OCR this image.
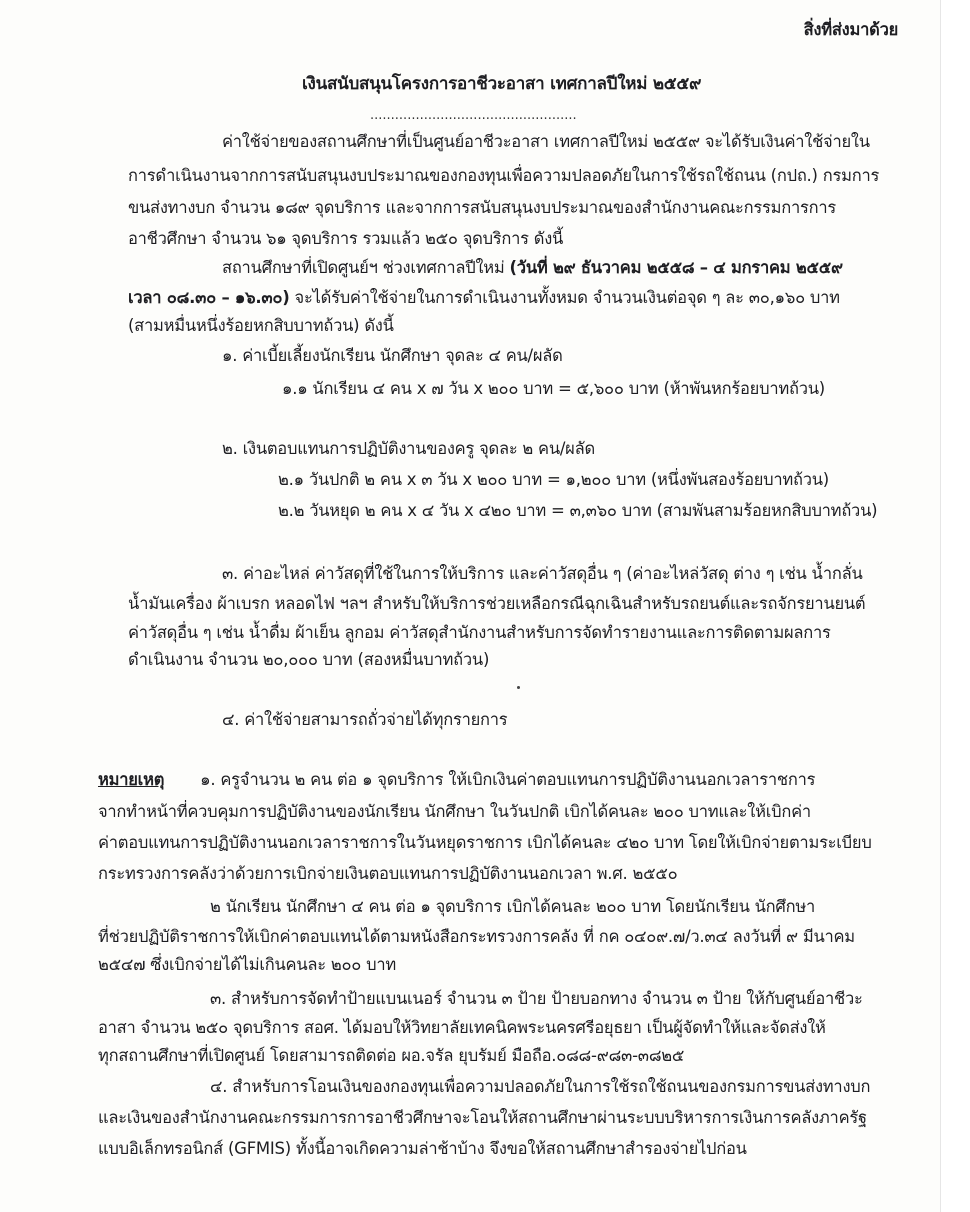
สิ่งที่ส่งมาด้วย

เงินสนับสนุนโครงการอาชีวะอาสา เทศกาลปีใหม่ ๒๕๕๙

..................................................

ค่าใช้จ่ายของสถานศึกษาที่เป็นศูนย์อาชีวะอาสา เทศกาลปีใหม่ ๒๕๕๙ จะได้รับเงินค่าใช้จ่ายใน

การดำเนินงานจากการสนับสนุนงบประมาณของกองทุนเพื่อความปลอดภัยในการใช้รถใช้ถนน (กปถ.) กรมการ

ขนส่งทางบก จำนวน ๑๘๙ จุดบริการ และจากการสนับสนุนงบประมาณของสำนักงานคณะกรรมการการ

อาชีวศึกษา จำนวน ๖๑ จุดบริการ รวมแล้ว ๒๕๐ จุดบริการ ดังนี้

สถานศึกษาที่เปิดศูนย์ฯ ช่วงเทศกาลปีใหม่ (วันที่ ๒๙ ธันวาคม ๒๕๕๘ – ๔ มกราคม ๒๕๕๙

เวลา ๐๘.๓๐ – ๑๖.๓๐) จะได้รับค่าใช้จ่ายในการดำเนินงานทั้งหมด จำนวนเงินต่อจุด ๆ ละ ๓๐,๑๖๐ บาท

(สามหมื่นหนึ่งร้อยหกสิบบาทถ้วน) ดังนี้

๑. ค่าเบี้ยเลี้ยงนักเรียน นักศึกษา จุดละ ๔ คน/ผลัด

๑.๑ นักเรียน ๔ คน x ๗ วัน x ๒๐๐ บาท = ๕,๖๐๐ บาท (ห้าพันหกร้อยบาทถ้วน)

๒. เงินตอบแทนการปฏิบัติงานของครู จุดละ ๒ คน/ผลัด

๒.๑ วันปกติ ๒ คน x ๓ วัน x ๒๐๐ บาท = ๑,๒๐๐ บาท (หนึ่งพันสองร้อยบาทถ้วน)

๒.๒ วันหยุด ๒ คน x ๔ วัน x ๔๒๐ บาท = ๓,๓๖๐ บาท (สามพันสามร้อยหกสิบบาทถ้วน)

๓. ค่าอะไหล่ ค่าวัสดุที่ใช้ในการให้บริการ และค่าวัสดุอื่น ๆ (ค่าอะไหล่วัสดุ ต่าง ๆ เช่น น้ำกลั่น

น้ำมันเครื่อง ผ้าเบรก หลอดไฟ ฯลฯ สำหรับให้บริการช่วยเหลือกรณีฉุกเฉินสำหรับรถยนต์และรถจักรยานยนต์

ค่าวัสดุอื่น ๆ เช่น น้ำดื่ม ผ้าเย็น ลูกอม ค่าวัสดุสำนักงานสำหรับการจัดทำรายงานและการติดตามผลการ

ดำเนินงาน จำนวน ๒๐,๐๐๐ บาท (สองหมื่นบาทถ้วน)

๔. ค่าใช้จ่ายสามารถถั่วจ่ายได้ทุกรายการ

หมายเหตุ ๑. ครูจำนวน ๒ คน ต่อ ๑ จุดบริการ ให้เบิกเงินค่าตอบแทนการปฏิบัติงานนอกเวลาราชการ

จากทำหน้าที่ควบคุมการปฏิบัติงานของนักเรียน นักศึกษา ในวันปกติ เบิกได้คนละ ๒๐๐ บาทและให้เบิกค่า

ค่าตอบแทนการปฏิบัติงานนอกเวลาราชการในวันหยุดราชการ เบิกได้คนละ ๔๒๐ บาท โดยให้เบิกจ่ายตามระเบียบ

กระทรวงการคลังว่าด้วยการเบิกจ่ายเงินตอบแทนการปฏิบัติงานนอกเวลา พ.ศ. ๒๕๕๐

๒ นักเรียน นักศึกษา ๔ คน ต่อ ๑ จุดบริการ เบิกได้คนละ ๒๐๐ บาท โดยนักเรียน นักศึกษา

ที่ช่วยปฏิบัติราชการให้เบิกค่าตอบแทนได้ตามหนังสือกระทรวงการคลัง ที่ กค ๐๔๐๙.๗/ว.๓๔ ลงวันที่ ๙ มีนาคม

๒๕๔๗ ซึ่งเบิกจ่ายได้ไม่เกินคนละ ๒๐๐ บาท

๓. สำหรับการจัดทำป้ายแบนเนอร์ จำนวน ๓ ป้าย ป้ายบอกทาง จำนวน ๓ ป้าย ให้กับศูนย์อาชีวะ

อาสา จำนวน ๒๕๐ จุดบริการ สอศ. ได้มอบให้วิทยาลัยเทคนิคพระนครศรีอยุธยา เป็นผู้จัดทำให้และจัดส่งให้

ทุกสถานศึกษาที่เปิดศูนย์ โดยสามารถติดต่อ ผอ.จรัล ยุบรัมย์ มือถือ.๐๘๘-๙๘๓-๓๘๒๕

๔. สำหรับการโอนเงินของกองทุนเพื่อความปลอดภัยในการใช้รถใช้ถนนของกรมการขนส่งทางบก

และเงินของสำนักงานคณะกรรมการการอาชีวศึกษาจะโอนให้สถานศึกษาผ่านระบบบริหารการเงินการคลังภาครัฐ

แบบอิเล็กทรอนิกส์ (GFMIS) ทั้งนี้อาจเกิดความล่าช้าบ้าง จึงขอให้สถานศึกษาสำรองจ่ายไปก่อน
